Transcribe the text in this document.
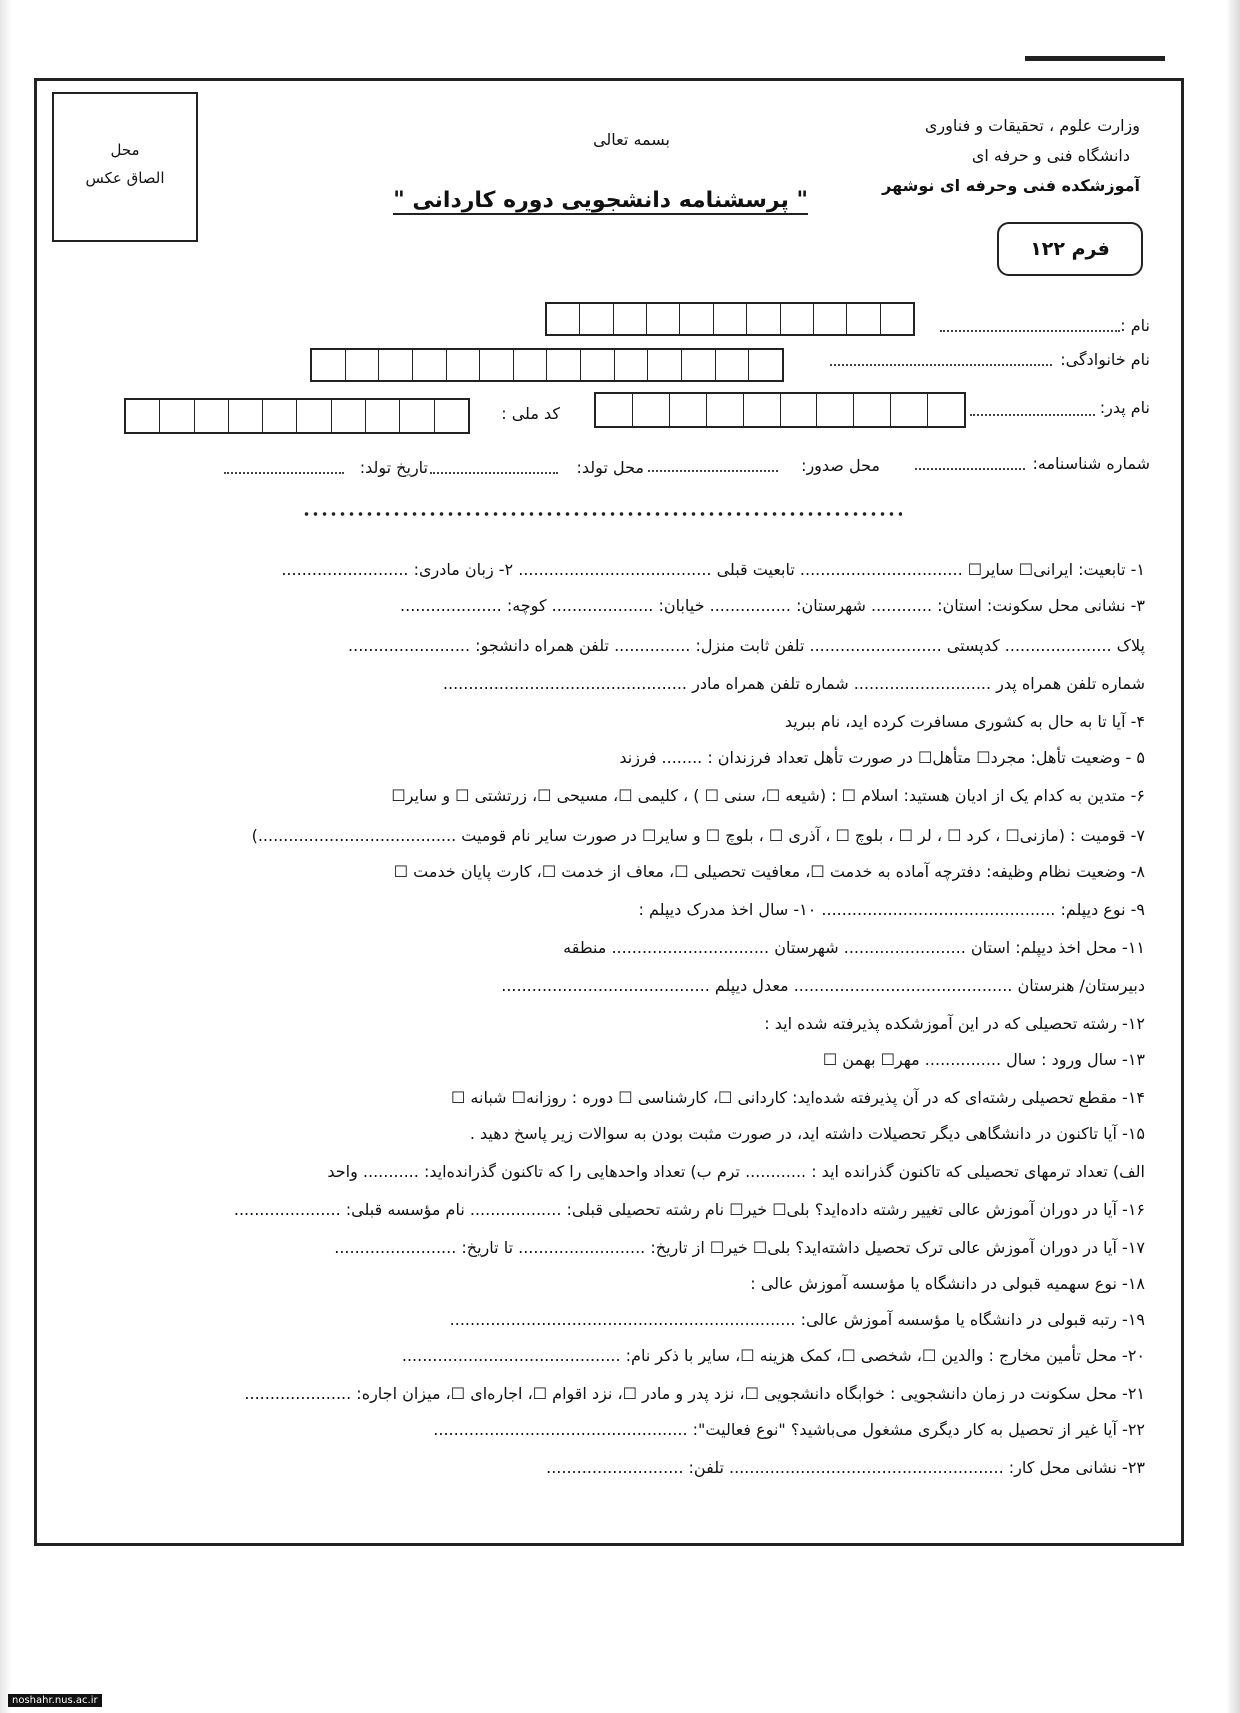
محل
الصاق عکس
وزارت علوم ، تحقیقات و فناوری
دانشگاه فنی و حرفه ای
آموزشکده فنی وحرفه ای نوشهر
بسمه تعالی
" پرسشنامه دانشجویی دوره کاردانی "
فرم ۱۲۲
نام :
نام خانوادگی:
نام پدر:
کد ملی :
شماره شناسنامه:
محل صدور:
محل تولد:
تاریخ تولد:
۱- تابعیت: ایرانی☐ سایر☐ ................................ تابعیت قبلی ...................................... ۲- زبان مادری: .........................
۳- نشانی محل سکونت: استان: ............ شهرستان: ................ خیابان: .................... کوچه: ....................
پلاک ..................... کدپستی .......................... تلفن ثابت منزل: ............... تلفن همراه دانشجو: ........................
شماره تلفن همراه پدر ........................... شماره تلفن همراه مادر ................................................
۴- آیا تا به حال به کشوری مسافرت کرده اید، نام ببرید
۵ - وضعیت تأهل: مجرد☐ متأهل☐ در صورت تأهل تعداد فرزندان : ........ فرزند
۶- متدین به کدام یک از ادیان هستید: اسلام ☐ : (شیعه ☐، سنی ☐ ) ، کلیمی ☐، مسیحی ☐، زرتشتی ☐ و سایر☐
۷- قومیت : (مازنی☐ ، کرد ☐ ، لر ☐ ، بلوچ ☐ ، آذری ☐ ، بلوچ ☐ و سایر☐ در صورت سایر نام قومیت .......................................)
۸- وضعیت نظام وظیفه: دفترچه آماده به خدمت ☐، معافیت تحصیلی ☐، معاف از خدمت ☐، کارت پایان خدمت ☐
۹- نوع دیپلم: .............................................. ۱۰- سال اخذ مدرک دیپلم :
۱۱- محل اخذ دیپلم: استان ........................ شهرستان ............................... منطقه
دبیرستان/ هنرستان ........................................... معدل دیپلم .........................................
۱۲- رشته تحصیلی که در این آموزشکده پذیرفته شده اید :
۱۳- سال ورود : سال ............... مهر☐ بهمن ☐
۱۴- مقطع تحصیلی رشته‌ای که در آن پذیرفته شده‌اید: کاردانی ☐، کارشناسی ☐ دوره : روزانه☐ شبانه ☐
۱۵- آیا تاکنون در دانشگاهی دیگر تحصیلات داشته اید، در صورت مثبت بودن به سوالات زیر پاسخ دهید .
الف) تعداد ترمهای تحصیلی که تاکنون گذرانده اید : ............ ترم ب) تعداد واحدهایی را که تاکنون گذرانده‌اید: ........... واحد
۱۶- آیا در دوران آموزش عالی تغییر رشته داده‌اید؟ بلی☐ خیر☐ نام رشته تحصیلی قبلی: .................. نام مؤسسه قبلی: .....................
۱۷- آیا در دوران آموزش عالی ترک تحصیل داشته‌اید؟ بلی☐ خیر☐ از تاریخ: ......................... تا تاریخ: ........................
۱۸- نوع سهمیه قبولی در دانشگاه یا مؤسسه آموزش عالی :
۱۹- رتبه قبولی در دانشگاه یا مؤسسه آموزش عالی: ....................................................................
۲۰- محل تأمین مخارج : والدین ☐، شخصی ☐، کمک هزینه ☐، سایر با ذکر نام: ...........................................
۲۱- محل سکونت در زمان دانشجویی : خوابگاه دانشجویی ☐، نزد پدر و مادر ☐، نزد اقوام ☐، اجاره‌ای ☐، میزان اجاره: .....................
۲۲- آیا غیر از تحصیل به کار دیگری مشغول می‌باشید؟ "نوع فعالیت": ..................................................
۲۳- نشانی محل کار: ...................................................... تلفن: ...........................
noshahr.nus.ac.ir
